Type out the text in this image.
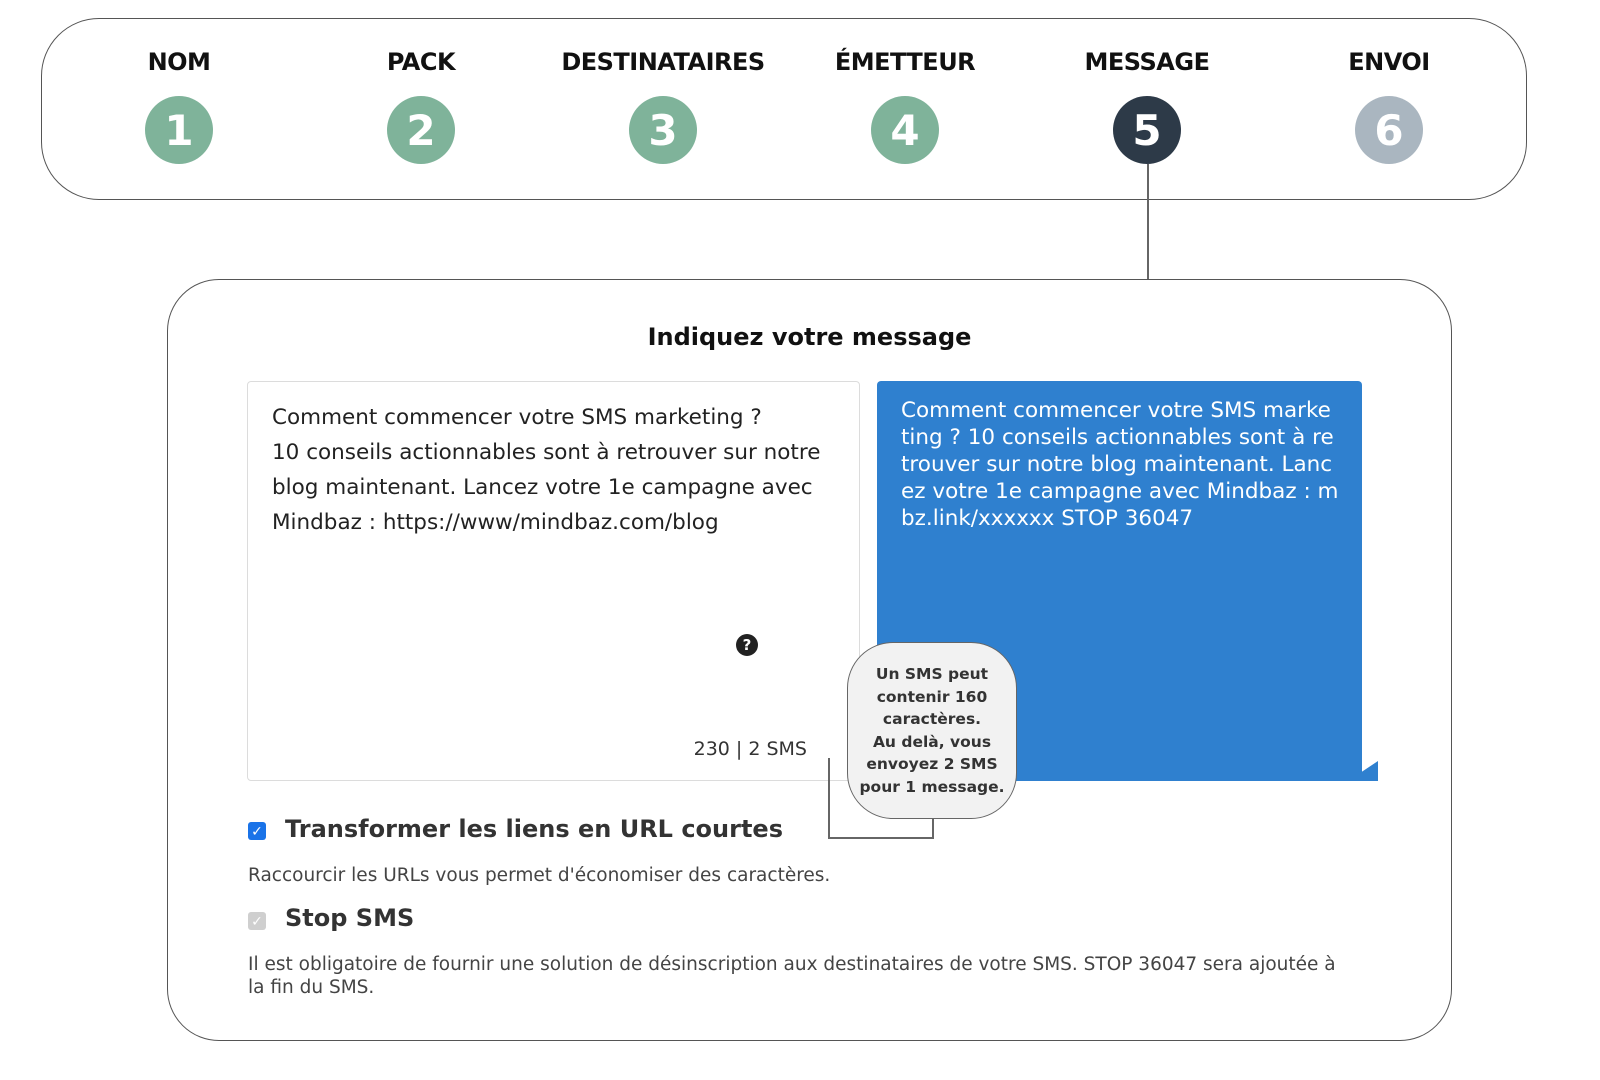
NOM
1
PACK
2
DESTINATAIRES
3
ÉMETTEUR
4
MESSAGE
5
ENVOI
6
Indiquez votre message
Comment commencer votre SMS marketing ?
10 conseils actionnables sont à retrouver sur notre
blog maintenant. Lancez votre 1e campagne avec
Mindbaz : https://www/mindbaz.com/blog
230 | 2 SMS
?
Comment commencer votre SMS marke
ting ? 10 conseils actionnables sont à re
trouver sur notre blog maintenant. Lanc
ez votre 1e campagne avec Mindbaz : m
bz.link/xxxxxx STOP 36047
Un SMS peut
contenir 160
caractères.
Au delà, vous
envoyez 2 SMS
pour 1 message.
✓ Transformer les liens en URL courtes
Raccourcir les URLs vous permet d'économiser des caractères.
✓ Stop SMS
Il est obligatoire de fournir une solution de désinscription aux destinataires de votre SMS. STOP 36047 sera ajoutée à
la fin du SMS.
